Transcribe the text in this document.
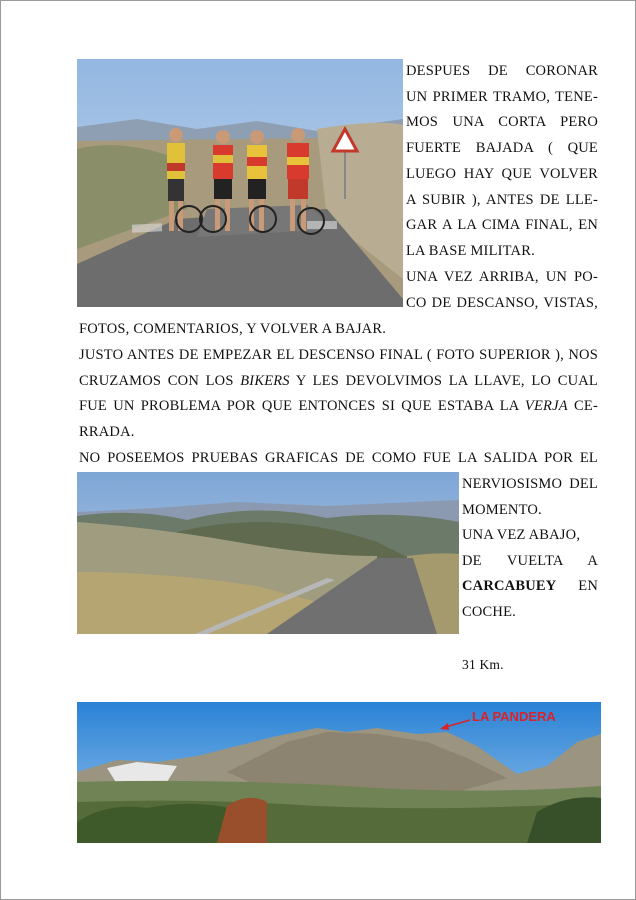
DESPUES DE CORONAR
UN PRIMER TRAMO, TENE-
MOS UNA CORTA PERO
FUERTE BAJADA ( QUE
LUEGO HAY QUE VOLVER
A SUBIR ), ANTES DE LLE-
GAR A LA CIMA FINAL, EN
LA BASE MILITAR.
UNA VEZ ARRIBA, UN PO-
CO DE DESCANSO, VISTAS,
FOTOS, COMENTARIOS, Y VOLVER A BAJAR.
JUSTO ANTES DE EMPEZAR EL DESCENSO FINAL ( FOTO SUPERIOR ), NOS
CRUZAMOS CON LOS BIKERS Y LES DEVOLVIMOS LA LLAVE, LO CUAL
FUE UN PROBLEMA POR QUE ENTONCES SI QUE ESTABA LA VERJA CE-
RRADA.
NO POSEEMOS PRUEBAS GRAFICAS DE COMO FUE LA SALIDA POR EL
NERVIOSISMO DEL
MOMENTO.
UNA VEZ ABAJO,
DE VUELTA A
CARCABUEY EN
COCHE.
31 Km.
LA PANDERA
